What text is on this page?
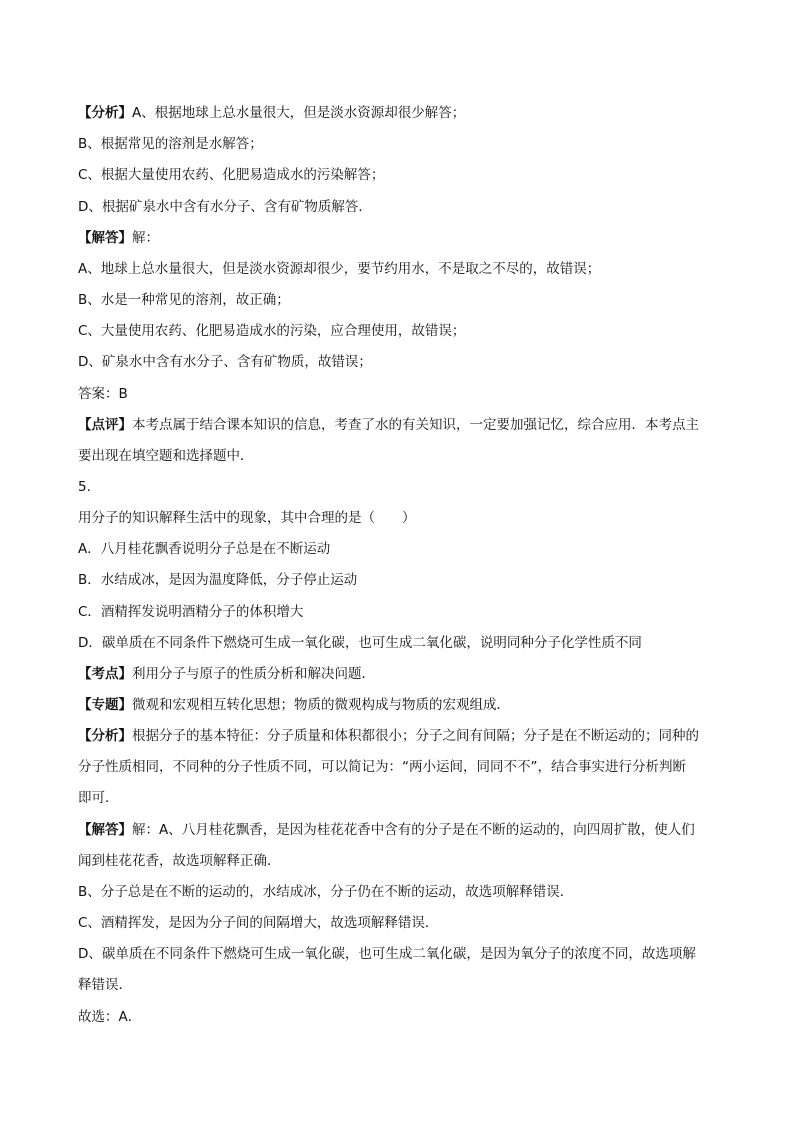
【分析】A、根据地球上总水量很大，但是淡水资源却很少解答；
B、根据常见的溶剂是水解答；
C、根据大量使用农药、化肥易造成水的污染解答；
D、根据矿泉水中含有水分子、含有矿物质解答．
【解答】解：
A、地球上总水量很大，但是淡水资源却很少，要节约用水，不是取之不尽的，故错误；
B、水是一种常见的溶剂，故正确；
C、大量使用农药、化肥易造成水的污染，应合理使用，故错误；
D、矿泉水中含有水分子、含有矿物质，故错误；
答案：B
【点评】本考点属于结合课本知识的信息，考查了水的有关知识，一定要加强记忆，综合应用．本考点主
要出现在填空题和选择题中．
5.
用分子的知识解释生活中的现象，其中合理的是（　　）
A．八月桂花飘香说明分子总是在不断运动
B．水结成冰，是因为温度降低，分子停止运动
C．酒精挥发说明酒精分子的体积增大
D．碳单质在不同条件下燃烧可生成一氧化碳，也可生成二氧化碳，说明同种分子化学性质不同
【考点】利用分子与原子的性质分析和解决问题．
【专题】微观和宏观相互转化思想；物质的微观构成与物质的宏观组成．
【分析】根据分子的基本特征：分子质量和体积都很小；分子之间有间隔；分子是在不断运动的；同种的
分子性质相同，不同种的分子性质不同，可以简记为：“两小运间，同同不不”，结合事实进行分析判断
即可．
【解答】解：A、八月桂花飘香，是因为桂花花香中含有的分子是在不断的运动的，向四周扩散，使人们
闻到桂花花香，故选项解释正确．
B、分子总是在不断的运动的，水结成冰，分子仍在不断的运动，故选项解释错误．
C、酒精挥发，是因为分子间的间隔增大，故选项解释错误．
D、碳单质在不同条件下燃烧可生成一氧化碳，也可生成二氧化碳，是因为氧分子的浓度不同，故选项解
释错误．
故选：A．
